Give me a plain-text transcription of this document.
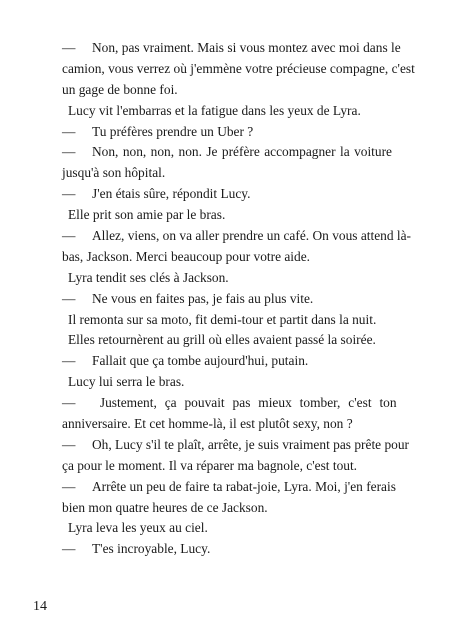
— Non, pas vraiment. Mais si vous montez avec moi dans le
camion, vous verrez où j'emmène votre précieuse compagne, c'est
un gage de bonne foi.
Lucy vit l'embarras et la fatigue dans les yeux de Lyra.
— Tu préfères prendre un Uber ?
— Non, non, non, non. Je préfère accompagner la voiture
jusqu'à son hôpital.
— J'en étais sûre, répondit Lucy.
Elle prit son amie par le bras.
— Allez, viens, on va aller prendre un café. On vous attend là-
bas, Jackson. Merci beaucoup pour votre aide.
Lyra tendit ses clés à Jackson.
— Ne vous en faites pas, je fais au plus vite.
Il remonta sur sa moto, fit demi-tour et partit dans la nuit.
Elles retournèrent au grill où elles avaient passé la soirée.
— Fallait que ça tombe aujourd'hui, putain.
Lucy lui serra le bras.
— Justement, ça pouvait pas mieux tomber, c'est ton
anniversaire. Et cet homme-là, il est plutôt sexy, non ?
— Oh, Lucy s'il te plaît, arrête, je suis vraiment pas prête pour
ça pour le moment. Il va réparer ma bagnole, c'est tout.
— Arrête un peu de faire ta rabat-joie, Lyra. Moi, j'en ferais
bien mon quatre heures de ce Jackson.
Lyra leva les yeux au ciel.
— T'es incroyable, Lucy.
14
